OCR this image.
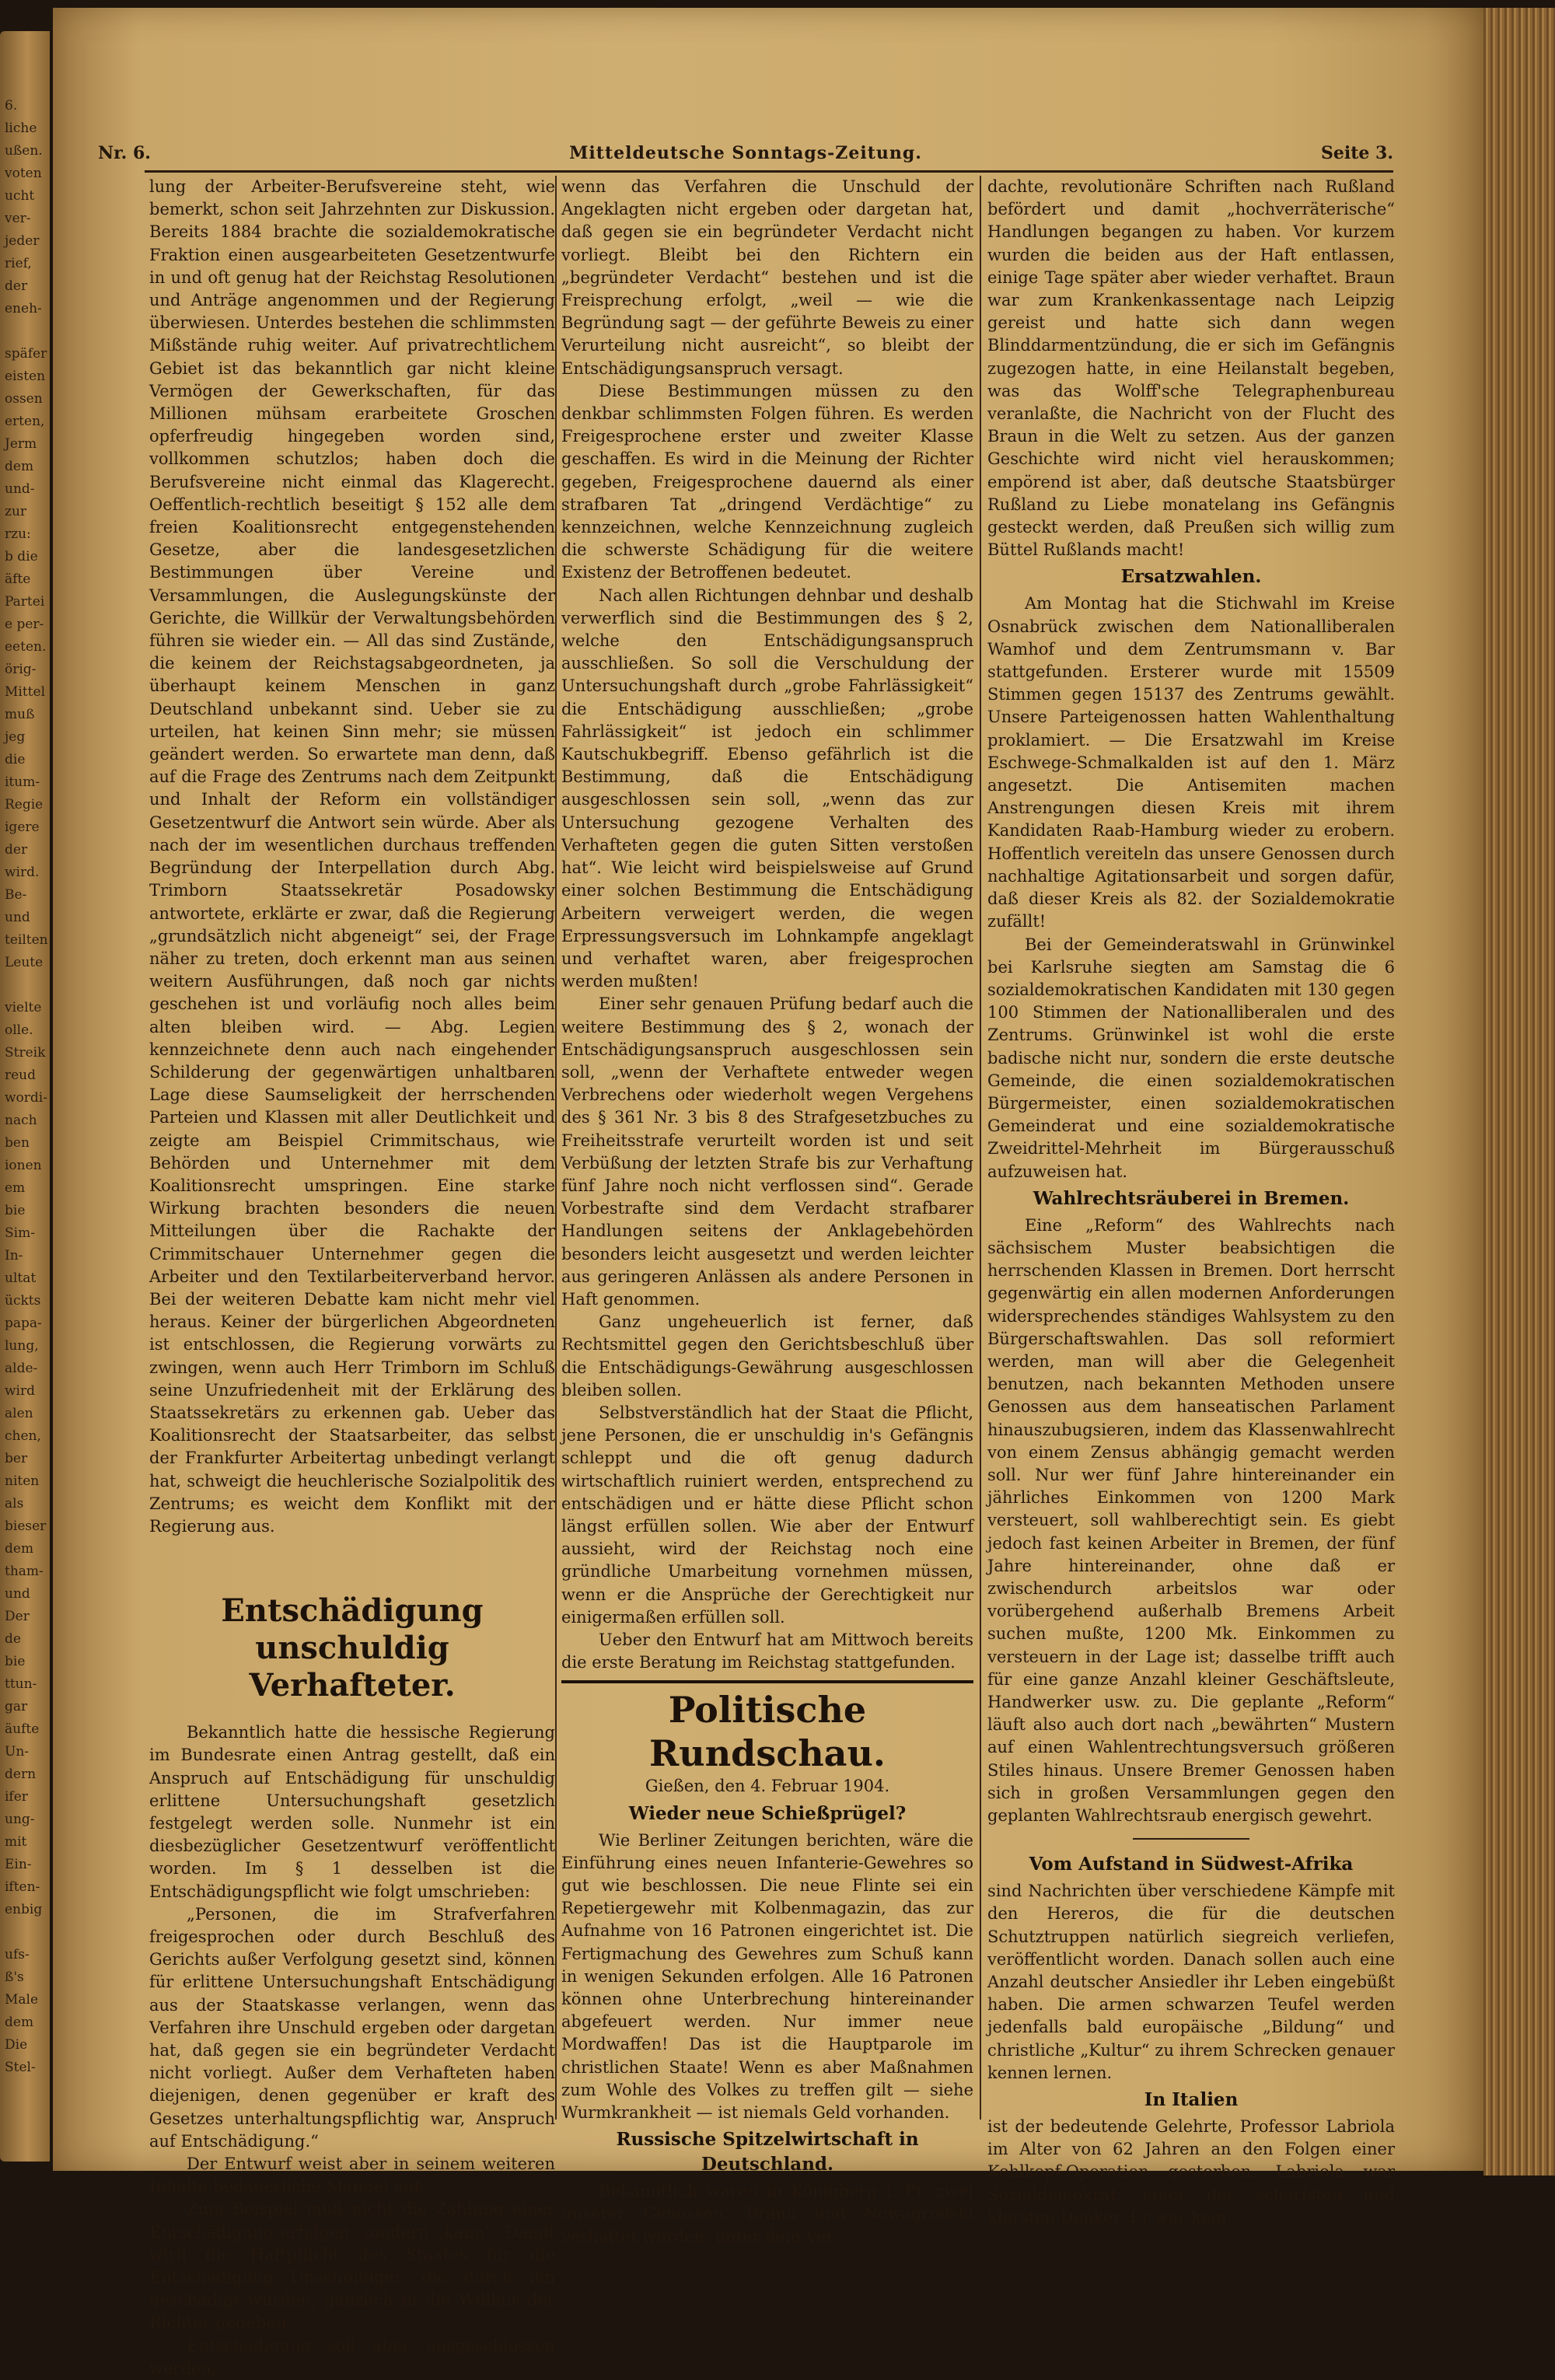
6.
liche
ußen.
voten
ucht
ver-
jeder
rief,
der
eneh-

späfer
eisten
ossen
erten,
Jerm
dem
und-
zur
rzu:
b die
äfte
Partei
e per-
eeten.
örig-
Mittel
muß
jeg
die
itum-
Regie
igere
der
wird.
Be-
und
teilten
Leute

vielte
olle.
Streik
reud
wordi-
nach
ben
ionen
em
bie
Sim-
In-
ultat
ückts
papa-
lung,
alde-
wird
alen
chen,
ber
niten
als
bieser
dem
tham-
und
Der
de
bie
ttun-
gar
äufte
Un-
dern
ifer
ung-
mit
Ein-
iften-
enbig

ufs-
ß's
Male
dem
Die
Stel-
Nr. 6.	Mitteldeutsche Sonntags-Zeitung.	Seite 3.

lung der Arbeiter-Berufsvereine steht, wie bemerkt, schon seit Jahrzehnten zur Diskussion. Bereits 1884 brachte die sozialdemokratische Fraktion einen ausgearbeiteten Gesetzentwurfe in und oft genug hat der Reichstag Resolutionen und Anträge angenommen und der Regierung überwiesen. Unterdes bestehen die schlimmsten Mißstände ruhig weiter. Auf privatrechtlichem Gebiet ist das bekanntlich gar nicht kleine Vermögen der Gewerkschaften, für das Millionen mühsam erarbeitete Groschen opferfreudig hingegeben worden sind, vollkommen schutzlos; haben doch die Berufsvereine nicht einmal das Klagerecht. Oeffentlich-rechtlich beseitigt § 152 alle dem freien Koalitionsrecht entgegenstehenden Gesetze, aber die landesgesetzlichen Bestimmungen über Vereine und Versammlungen, die Auslegungskünste der Gerichte, die Willkür der Verwaltungsbehörden führen sie wieder ein. — All das sind Zustände, die keinem der Reichstagsabgeordneten, ja überhaupt keinem Menschen in ganz Deutschland unbekannt sind. Ueber sie zu urteilen, hat keinen Sinn mehr; sie müssen geändert werden. So erwartete man denn, daß auf die Frage des Zentrums nach dem Zeitpunkt und Inhalt der Reform ein vollständiger Gesetzentwurf die Antwort sein würde. Aber als nach der im wesentlichen durchaus treffenden Begründung der Interpellation durch Abg. Trimborn Staatssekretär Posadowsky antwortete, erklärte er zwar, daß die Regierung „grundsätzlich nicht abgeneigt“ sei, der Frage näher zu treten, doch erkennt man aus seinen weitern Ausführungen, daß noch gar nichts geschehen ist und vorläufig noch alles beim alten bleiben wird. — Abg. Legien kennzeichnete denn auch nach eingehender Schilderung der gegenwärtigen unhaltbaren Lage diese Saumseligkeit der herrschenden Parteien und Klassen mit aller Deutlichkeit und zeigte am Beispiel Crimmitschaus, wie Behörden und Unternehmer mit dem Koalitionsrecht umspringen. Eine starke Wirkung brachten besonders die neuen Mitteilungen über die Rachakte der Crimmitschauer Unternehmer gegen die Arbeiter und den Textilarbeiterverband hervor. Bei der weiteren Debatte kam nicht mehr viel heraus. Keiner der bürgerlichen Abgeordneten ist entschlossen, die Regierung vorwärts zu zwingen, wenn auch Herr Trimborn im Schluß seine Unzufriedenheit mit der Erklärung des Staatssekretärs zu erkennen gab. Ueber das Koalitionsrecht der Staatsarbeiter, das selbst der Frankfurter Arbeitertag unbedingt verlangt hat, schweigt die heuchlerische Sozialpolitik des Zentrums; es weicht dem Konflikt mit der Regierung aus.

Entschädigung unschuldig Verhafteter.

Bekanntlich hatte die hessische Regierung im Bundesrate einen Antrag gestellt, daß ein Anspruch auf Entschädigung für unschuldig erlittene Untersuchungshaft gesetzlich festgelegt werden solle. Nunmehr ist ein diesbezüglicher Gesetzentwurf veröffentlicht worden. Im § 1 desselben ist die Entschädigungspflicht wie folgt umschrieben:

„Personen, die im Strafverfahren freigesprochen oder durch Beschluß des Gerichts außer Verfolgung gesetzt sind, können für erlittene Untersuchungshaft Entschädigung aus der Staatskasse verlangen, wenn das Verfahren ihre Unschuld ergeben oder dargetan hat, daß gegen sie ein begründeter Verdacht nicht vorliegt. Außer dem Verhafteten haben diejenigen, denen gegenüber er kraft des Gesetzes unterhaltungspflichtig war, Anspruch auf Entschädigung.“

Der Entwurf weist aber in seinem weiteren Inhalte bedauerliche Mängel auf.

Zum Beispiel muß nicht die Zahlung einer Entschädigung erfolgen, sondern „kann“. Damit wird die Haftpflicht des Staates für die Entschädigung Unschuldiger, die durch ihn geschädigt wurden, gänzlich in die Willkür der Richter gegeben.

Entschädigung soll aber ausgeschlossen werden,

wenn das Verfahren die Unschuld der Angeklagten nicht ergeben oder dargetan hat, daß gegen sie ein begründeter Verdacht nicht vorliegt. Bleibt bei den Richtern ein „begründeter Verdacht“ bestehen und ist die Freisprechung erfolgt, „weil — wie die Begründung sagt — der geführte Beweis zu einer Verurteilung nicht ausreicht“, so bleibt der Entschädigungsanspruch versagt.

Diese Bestimmungen müssen zu den denkbar schlimmsten Folgen führen. Es werden Freigesprochene erster und zweiter Klasse geschaffen. Es wird in die Meinung der Richter gegeben, Freigesprochene dauernd als einer strafbaren Tat „dringend Verdächtige“ zu kennzeichnen, welche Kennzeichnung zugleich die schwerste Schädigung für die weitere Existenz der Betroffenen bedeutet.

Nach allen Richtungen dehnbar und deshalb verwerflich sind die Bestimmungen des § 2, welche den Entschädigungsanspruch ausschließen. So soll die Verschuldung der Untersuchungshaft durch „grobe Fahrlässigkeit“ die Entschädigung ausschließen; „grobe Fahrlässigkeit“ ist jedoch ein schlimmer Kautschukbegriff. Ebenso gefährlich ist die Bestimmung, daß die Entschädigung ausgeschlossen sein soll, „wenn das zur Untersuchung gezogene Verhalten des Verhafteten gegen die guten Sitten verstoßen hat“. Wie leicht wird beispielsweise auf Grund einer solchen Bestimmung die Entschädigung Arbeitern verweigert werden, die wegen Erpressungsversuch im Lohnkampfe angeklagt und verhaftet waren, aber freigesprochen werden mußten!

Einer sehr genauen Prüfung bedarf auch die weitere Bestimmung des § 2, wonach der Entschädigungsanspruch ausgeschlossen sein soll, „wenn der Verhaftete entweder wegen Verbrechens oder wiederholt wegen Vergehens des § 361 Nr. 3 bis 8 des Strafgesetzbuches zu Freiheitsstrafe verurteilt worden ist und seit Verbüßung der letzten Strafe bis zur Verhaftung fünf Jahre noch nicht verflossen sind“. Gerade Vorbestrafte sind dem Verdacht strafbarer Handlungen seitens der Anklagebehörden besonders leicht ausgesetzt und werden leichter aus geringeren Anlässen als andere Personen in Haft genommen.

Ganz ungeheuerlich ist ferner, daß Rechtsmittel gegen den Gerichtsbeschluß über die Entschädigungs-Gewährung ausgeschlossen bleiben sollen.

Selbstverständlich hat der Staat die Pflicht, jene Personen, die er unschuldig in's Gefängnis schleppt und die oft genug dadurch wirtschaftlich ruiniert werden, entsprechend zu entschädigen und er hätte diese Pflicht schon längst erfüllen sollen. Wie aber der Entwurf aussieht, wird der Reichstag noch eine gründliche Umarbeitung vornehmen müssen, wenn er die Ansprüche der Gerechtigkeit nur einigermaßen erfüllen soll.

Ueber den Entwurf hat am Mittwoch bereits die erste Beratung im Reichstag stattgefunden.

Politische Rundschau.

Gießen, den 4. Februar 1904.

Wieder neue Schießprügel?

Wie Berliner Zeitungen berichten, wäre die Einführung eines neuen Infanterie-Gewehres so gut wie beschlossen. Die neue Flinte sei ein Repetiergewehr mit Kolbenmagazin, das zur Aufnahme von 16 Patronen eingerichtet ist. Die Fertigmachung des Gewehres zum Schuß kann in wenigen Sekunden erfolgen. Alle 16 Patronen können ohne Unterbrechung hintereinander abgefeuert werden. Nur immer neue Mordwaffen! Das ist die Hauptparole im christlichen Staate! Wenn es aber Maßnahmen zum Wohle des Volkes zu treffen gilt — siehe Wurmkrankheit — ist niemals Geld vorhanden.

Russische Spitzelwirtschaft in Deutschland.

Bekanntlich waren in Königberg i. Pr. zwei unserer Genossen, Braun und Nowagrodski verhaftet worden, unter dem Ver-

dachte, revolutionäre Schriften nach Rußland befördert und damit „hochverräterische“ Handlungen begangen zu haben. Vor kurzem wurden die beiden aus der Haft entlassen, einige Tage später aber wieder verhaftet. Braun war zum Krankenkassentage nach Leipzig gereist und hatte sich dann wegen Blinddarmentzündung, die er sich im Gefängnis zugezogen hatte, in eine Heilanstalt begeben, was das Wolff'sche Telegraphenbureau veranlaßte, die Nachricht von der Flucht des Braun in die Welt zu setzen. Aus der ganzen Geschichte wird nicht viel herauskommen; empörend ist aber, daß deutsche Staatsbürger Rußland zu Liebe monatelang ins Gefängnis gesteckt werden, daß Preußen sich willig zum Büttel Rußlands macht!

Ersatzwahlen.

Am Montag hat die Stichwahl im Kreise Osnabrück zwischen dem Nationalliberalen Wamhof und dem Zentrumsmann v. Bar stattgefunden. Ersterer wurde mit 15509 Stimmen gegen 15137 des Zentrums gewählt. Unsere Parteigenossen hatten Wahlenthaltung proklamiert. — Die Ersatzwahl im Kreise Eschwege-Schmalkalden ist auf den 1. März angesetzt. Die Antisemiten machen Anstrengungen diesen Kreis mit ihrem Kandidaten Raab-Hamburg wieder zu erobern. Hoffentlich vereiteln das unsere Genossen durch nachhaltige Agitationsarbeit und sorgen dafür, daß dieser Kreis als 82. der Sozialdemokratie zufällt!

Bei der Gemeinderatswahl in Grünwinkel bei Karlsruhe siegten am Samstag die 6 sozialdemokratischen Kandidaten mit 130 gegen 100 Stimmen der Nationalliberalen und des Zentrums. Grünwinkel ist wohl die erste badische nicht nur, sondern die erste deutsche Gemeinde, die einen sozialdemokratischen Bürgermeister, einen sozialdemokratischen Gemeinderat und eine sozialdemokratische Zweidrittel-Mehrheit im Bürgerausschuß aufzuweisen hat.

Wahlrechtsräuberei in Bremen.

Eine „Reform“ des Wahlrechts nach sächsischem Muster beabsichtigen die herrschenden Klassen in Bremen. Dort herrscht gegenwärtig ein allen modernen Anforderungen widersprechendes ständiges Wahlsystem zu den Bürgerschaftswahlen. Das soll reformiert werden, man will aber die Gelegenheit benutzen, nach bekannten Methoden unsere Genossen aus dem hanseatischen Parlament hinauszubugsieren, indem das Klassenwahlrecht von einem Zensus abhängig gemacht werden soll. Nur wer fünf Jahre hintereinander ein jährliches Einkommen von 1200 Mark versteuert, soll wahlberechtigt sein. Es giebt jedoch fast keinen Arbeiter in Bremen, der fünf Jahre hintereinander, ohne daß er zwischendurch arbeitslos war oder vorübergehend außerhalb Bremens Arbeit suchen mußte, 1200 Mk. Einkommen zu versteuern in der Lage ist; dasselbe trifft auch für eine ganze Anzahl kleiner Geschäftsleute, Handwerker usw. zu. Die geplante „Reform“ läuft also auch dort nach „bewährten“ Mustern auf einen Wahlentrechtungsversuch größeren Stiles hinaus. Unsere Bremer Genossen haben sich in großen Versammlungen gegen den geplanten Wahlrechtsraub energisch gewehrt.

Vom Aufstand in Südwest-Afrika

sind Nachrichten über verschiedene Kämpfe mit den Hereros, die für die deutschen Schutztruppen natürlich siegreich verliefen, veröffentlicht worden. Danach sollen auch eine Anzahl deutscher Ansiedler ihr Leben eingebüßt haben. Die armen schwarzen Teufel werden jedenfalls bald europäische „Bildung“ und christliche „Kultur“ zu ihrem Schrecken genauer kennen lernen.

In Italien

ist der bedeutende Gelehrte, Professor Labriola im Alter von 62 Jahren an den Folgen einer Kehlkopf-Operation gestorben. Labriola war Sozialdemokrat, einer der schärfsten und klarsten Denker. Er war kein
